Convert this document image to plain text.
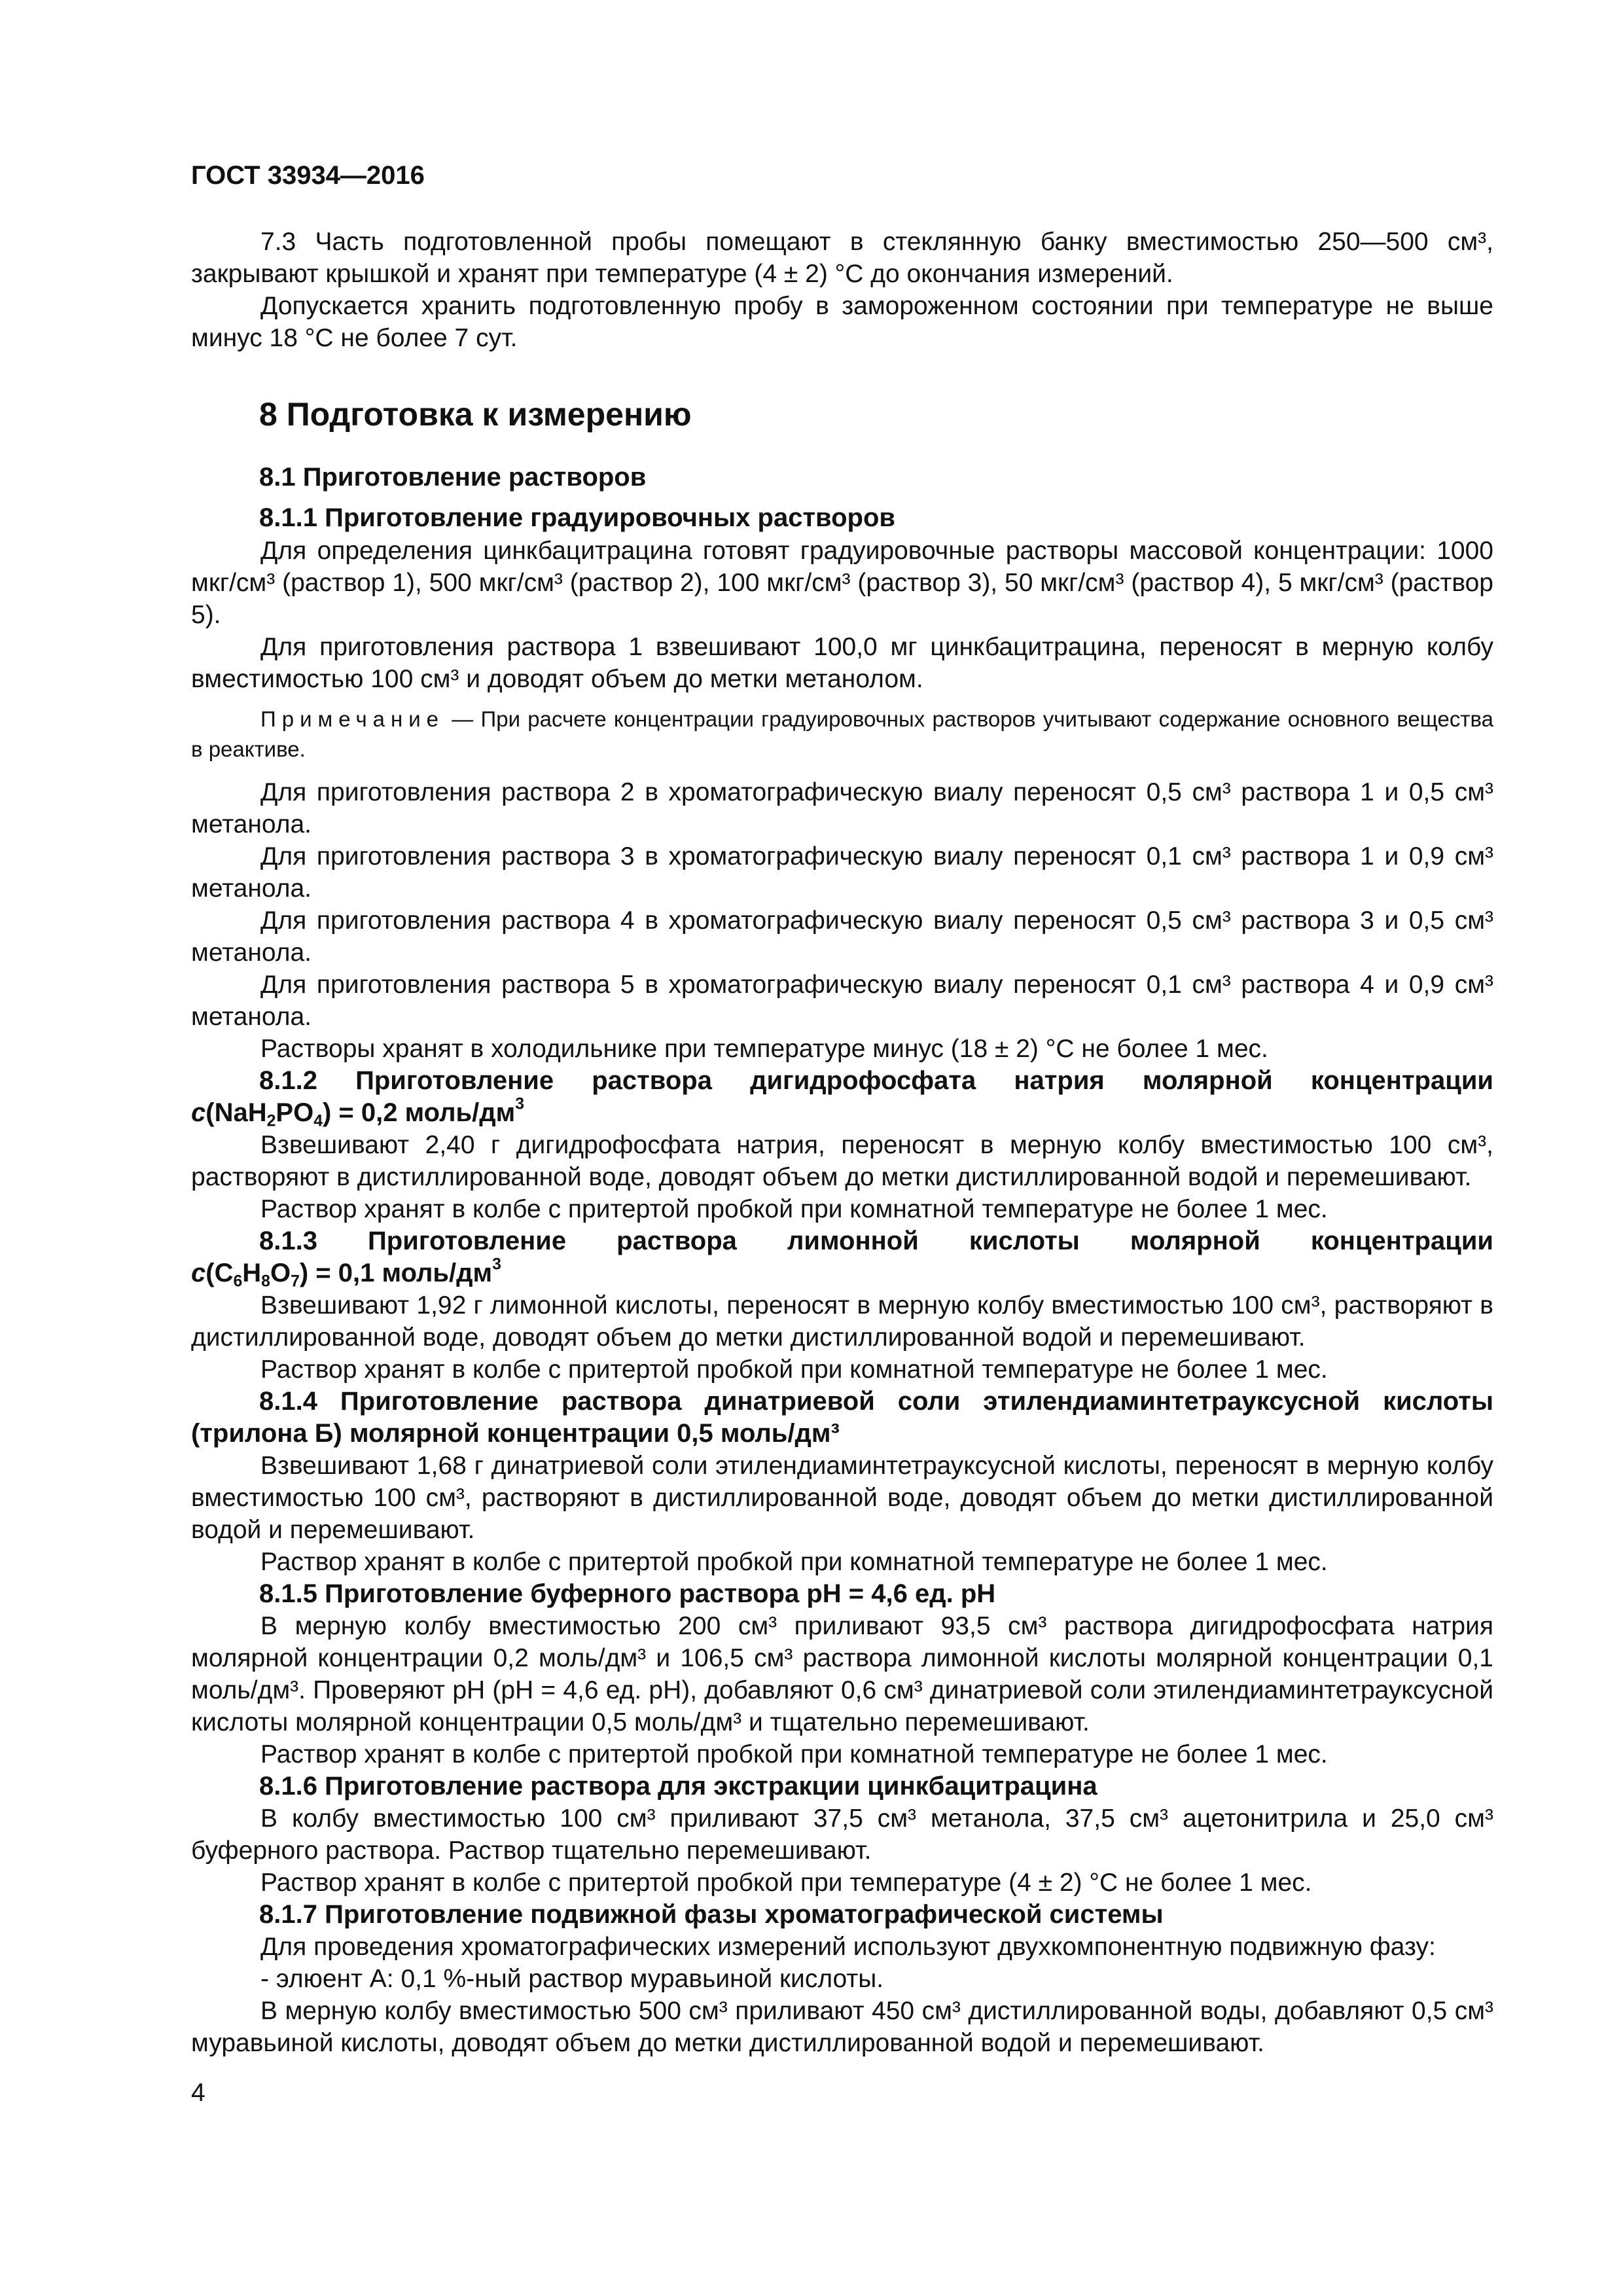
ГОСТ 33934—2016

7.3 Часть подготовленной пробы помещают в стеклянную банку вместимостью 250—500 см³, закрывают крышкой и хранят при температуре (4 ± 2) °С до окончания измерений.

Допускается хранить подготовленную пробу в замороженном состоянии при температуре не выше минус 18 °С не более 7 сут.

8 Подготовка к измерению
8.1 Приготовление растворов
8.1.1 Приготовление градуировочных растворов

Для определения цинкбацитрацина готовят градуировочные растворы массовой концентрации: 1000 мкг/см³ (раствор 1), 500 мкг/см³ (раствор 2), 100 мкг/см³ (раствор 3), 50 мкг/см³ (раствор 4), 5 мкг/см³ (раствор 5).

Для приготовления раствора 1 взвешивают 100,0 мг цинкбацитрацина, переносят в мерную колбу вместимостью 100 см³ и доводят объем до метки метанолом.

Примечание — При расчете концентрации градуировочных растворов учитывают содержание основного вещества в реактиве.

Для приготовления раствора 2 в хроматографическую виалу переносят 0,5 см³ раствора 1 и 0,5 см³ метанола.

Для приготовления раствора 3 в хроматографическую виалу переносят 0,1 см³ раствора 1 и 0,9 см³ метанола.

Для приготовления раствора 4 в хроматографическую виалу переносят 0,5 см³ раствора 3 и 0,5 см³ метанола.

Для приготовления раствора 5 в хроматографическую виалу переносят 0,1 см³ раствора 4 и 0,9 см³ метанола.

Растворы хранят в холодильнике при температуре минус (18 ± 2) °С не более 1 мес.

8.1.2 Приготовление раствора дигидрофосфата натрия молярной концентрации
$c(NaH_2PO_4) = 0,2$ моль/$дм^3$

Взвешивают 2,40 г дигидрофосфата натрия, переносят в мерную колбу вместимостью 100 см³, растворяют в дистиллированной воде, доводят объем до метки дистиллированной водой и перемешивают.

Раствор хранят в колбе с притертой пробкой при комнатной температуре не более 1 мес.

8.1.3 Приготовление раствора лимонной кислоты молярной концентрации
$c(C_6H_8O_7) = 0,1$ моль/$дм^3$

Взвешивают 1,92 г лимонной кислоты, переносят в мерную колбу вместимостью 100 см³, растворяют в дистиллированной воде, доводят объем до метки дистиллированной водой и перемешивают.

Раствор хранят в колбе с притертой пробкой при комнатной температуре не более 1 мес.

8.1.4 Приготовление раствора динатриевой соли этилендиаминтетрауксусной кислоты (трилона Б) молярной концентрации 0,5 моль/дм³

Взвешивают 1,68 г динатриевой соли этилендиаминтетрауксусной кислоты, переносят в мерную колбу вместимостью 100 см³, растворяют в дистиллированной воде, доводят объем до метки дистиллированной водой и перемешивают.

Раствор хранят в колбе с притертой пробкой при комнатной температуре не более 1 мес.

8.1.5 Приготовление буферного раствора pH = 4,6 ед. pH

В мерную колбу вместимостью 200 см³ приливают 93,5 см³ раствора дигидрофосфата натрия молярной концентрации 0,2 моль/дм³ и 106,5 см³ раствора лимонной кислоты молярной концентрации 0,1 моль/дм³. Проверяют pH (pH = 4,6 ед. pH), добавляют 0,6 см³ динатриевой соли этилендиаминтетрауксусной кислоты молярной концентрации 0,5 моль/дм³ и тщательно перемешивают.

Раствор хранят в колбе с притертой пробкой при комнатной температуре не более 1 мес.

8.1.6 Приготовление раствора для экстракции цинкбацитрацина

В колбу вместимостью 100 см³ приливают 37,5 см³ метанола, 37,5 см³ ацетонитрила и 25,0 см³ буферного раствора. Раствор тщательно перемешивают.

Раствор хранят в колбе с притертой пробкой при температуре (4 ± 2) °С не более 1 мес.

8.1.7 Приготовление подвижной фазы хроматографической системы

Для проведения хроматографических измерений используют двухкомпонентную подвижную фазу:

- элюент А: 0,1 %-ный раствор муравьиной кислоты.

В мерную колбу вместимостью 500 см³ приливают 450 см³ дистиллированной воды, добавляют 0,5 см³ муравьиной кислоты, доводят объем до метки дистиллированной водой и перемешивают.

4
